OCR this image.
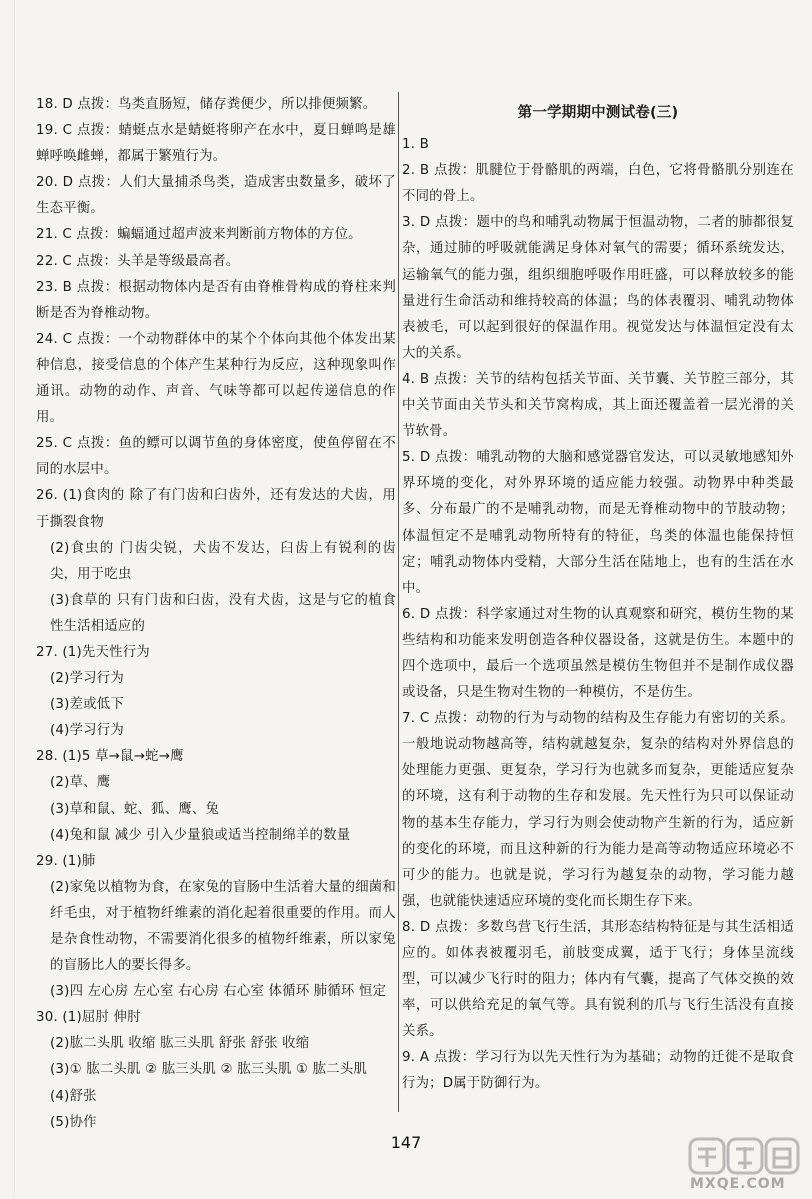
18. D 点拨：鸟类直肠短，储存粪便少，所以排便频繁。
19. C 点拨：蜻蜓点水是蜻蜓将卵产在水中，夏日蝉鸣是雄蝉呼唤雌蝉，都属于繁殖行为。
20. D 点拨：人们大量捕杀鸟类，造成害虫数量多，破坏了生态平衡。
21. C 点拨：蝙蝠通过超声波来判断前方物体的方位。
22. C 点拨：头羊是等级最高者。
23. B 点拨：根据动物体内是否有由脊椎骨构成的脊柱来判断是否为脊椎动物。
24. C 点拨：一个动物群体中的某个个体向其他个体发出某种信息，接受信息的个体产生某种行为反应，这种现象叫作通讯。动物的动作、声音、气味等都可以起传递信息的作用。
25. C 点拨：鱼的鳔可以调节鱼的身体密度，使鱼停留在不同的水层中。
26. (1)食肉的 除了有门齿和臼齿外，还有发达的犬齿，用于撕裂食物
(2)食虫的 门齿尖锐，犬齿不发达，臼齿上有锐利的齿尖，用于吃虫
(3)食草的 只有门齿和臼齿，没有犬齿，这是与它的植食性生活相适应的
27. (1)先天性行为
(2)学习行为
(3)差或低下
(4)学习行为
28. (1)5 草→鼠→蛇→鹰
(2)草、鹰
(3)草和鼠、蛇、狐、鹰、兔
(4)兔和鼠 减少 引入少量狼或适当控制绵羊的数量
29. (1)肺
(2)家兔以植物为食，在家兔的盲肠中生活着大量的细菌和纤毛虫，对于植物纤维素的消化起着很重要的作用。而人是杂食性动物，不需要消化很多的植物纤维素，所以家兔的盲肠比人的要长得多。
(3)四 左心房 左心室 右心房 右心室 体循环 肺循环 恒定
30. (1)屈肘 伸肘
(2)肱二头肌 收缩 肱三头肌 舒张 舒张 收缩
(3)① 肱二头肌 ② 肱三头肌 ② 肱三头肌 ① 肱二头肌
(4)舒张
(5)协作
第一学期期中测试卷(三)
1. B
2. B 点拨：肌腱位于骨骼肌的两端，白色，它将骨骼肌分别连在不同的骨上。
3. D 点拨：题中的鸟和哺乳动物属于恒温动物，二者的肺都很复杂，通过肺的呼吸就能满足身体对氧气的需要；循环系统发达，运输氧气的能力强，组织细胞呼吸作用旺盛，可以释放较多的能量进行生命活动和维持较高的体温；鸟的体表覆羽、哺乳动物体表被毛，可以起到很好的保温作用。视觉发达与体温恒定没有太大的关系。
4. B 点拨：关节的结构包括关节面、关节囊、关节腔三部分，其中关节面由关节头和关节窝构成，其上面还覆盖着一层光滑的关节软骨。
5. D 点拨：哺乳动物的大脑和感觉器官发达，可以灵敏地感知外界环境的变化，对外界环境的适应能力较强。动物界中种类最多、分布最广的不是哺乳动物，而是无脊椎动物中的节肢动物；体温恒定不是哺乳动物所特有的特征，鸟类的体温也能保持恒定；哺乳动物体内受精，大部分生活在陆地上，也有的生活在水中。
6. D 点拨：科学家通过对生物的认真观察和研究，模仿生物的某些结构和功能来发明创造各种仪器设备，这就是仿生。本题中的四个选项中，最后一个选项虽然是模仿生物但并不是制作成仪器或设备，只是生物对生物的一种模仿，不是仿生。
7. C 点拨：动物的行为与动物的结构及生存能力有密切的关系。一般地说动物越高等，结构就越复杂，复杂的结构对外界信息的处理能力更强、更复杂，学习行为也就多而复杂，更能适应复杂的环境，这有利于动物的生存和发展。先天性行为只可以保证动物的基本生存能力，学习行为则会使动物产生新的行为，适应新的变化的环境，而且这种新的行为能力是高等动物适应环境必不可少的能力。也就是说，学习行为越复杂的动物，学习能力越强，也就能快速适应环境的变化而长期生存下来。
8. D 点拨：多数鸟营飞行生活，其形态结构特征是与其生活相适应的。如体表被覆羽毛，前肢变成翼，适于飞行；身体呈流线型，可以减少飞行时的阻力；体内有气囊，提高了气体交换的效率，可以供给充足的氧气等。具有锐利的爪与飞行生活没有直接关系。
9. A 点拨：学习行为以先天性行为为基础；动物的迁徙不是取食行为；D属于防御行为。
147
MXQE.COM
